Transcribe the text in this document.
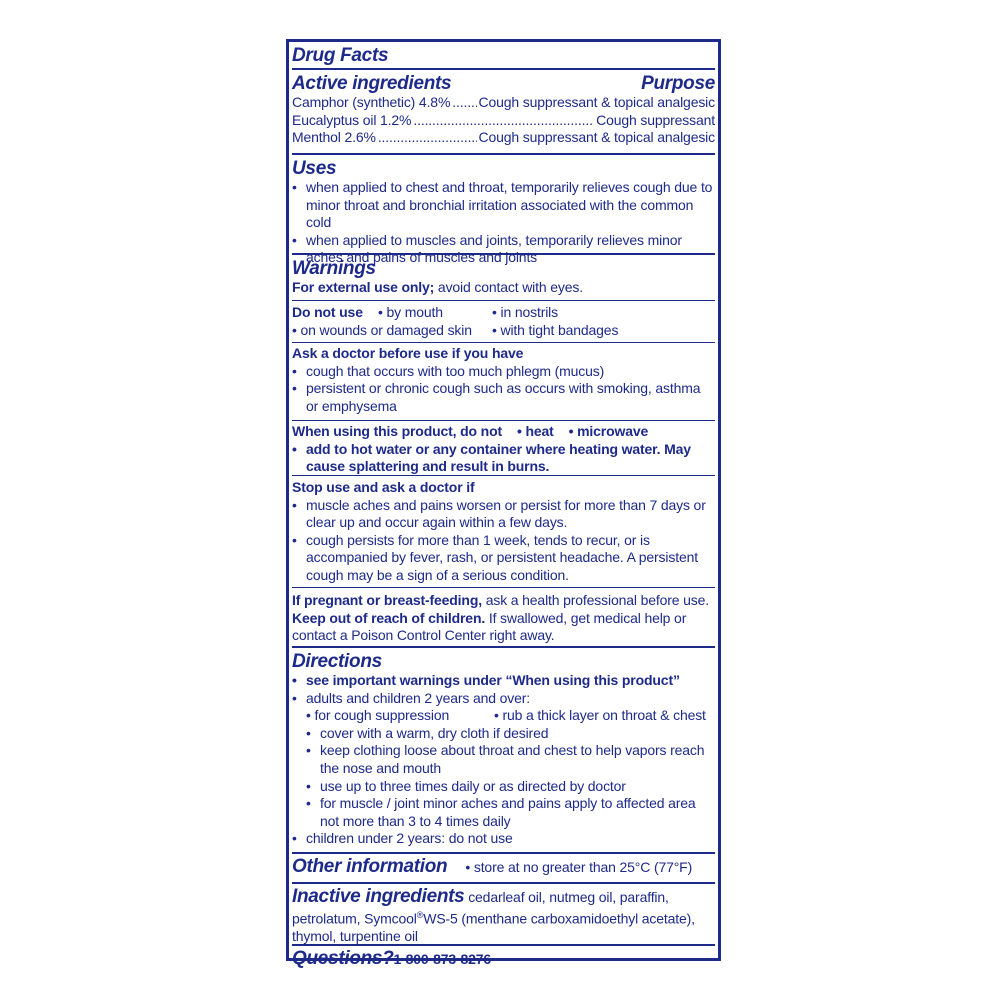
Drug Facts
Active ingredients	Purpose
Camphor (synthetic) 4.8% ..... Cough suppressant & topical analgesic
Eucalyptus oil 1.2% .....	Cough suppressant
Menthol 2.6% .....	Cough suppressant & topical analgesic
Uses
• when applied to chest and throat, temporarily relieves cough due to minor throat and bronchial irritation associated with the common cold
• when applied to muscles and joints, temporarily relieves minor aches and pains of muscles and joints
Warnings
For external use only; avoid contact with eyes.
Do not use • by mouth	• in nostrils
• on wounds or damaged skin • with tight bandages
Ask a doctor before use if you have
• cough that occurs with too much phlegm (mucus)
• persistent or chronic cough such as occurs with smoking, asthma or emphysema
When using this product, do not    • heat    • microwave
• add to hot water or any container where heating water. May cause splattering and result in burns.
Stop use and ask a doctor if
• muscle aches and pains worsen or persist for more than 7 days or clear up and occur again within a few days.
• cough persists for more than 1 week, tends to recur, or is accompanied by fever, rash, or persistent headache. A persistent cough may be a sign of a serious condition.
If pregnant or breast-feeding, ask a health professional before use. Keep out of reach of children. If swallowed, get medical help or contact a Poison Control Center right away.
Directions
• see important warnings under “When using this product”
• adults and children 2 years and over:
• for cough suppression	• rub a thick layer on throat & chest
• cover with a warm, dry cloth if desired
• keep clothing loose about throat and chest to help vapors reach the nose and mouth
• use up to three times daily or as directed by doctor
• for muscle / joint minor aches and pains apply to affected area not more than 3 to 4 times daily
• children under 2 years: do not use
Other information • store at no greater than 25°C (77°F)
Inactive ingredients cedarleaf oil, nutmeg oil, paraffin, petrolatum, Symcool®WS-5 (menthane carboxamidoethyl acetate), thymol, turpentine oil
Questions? 1-800-873-8276
